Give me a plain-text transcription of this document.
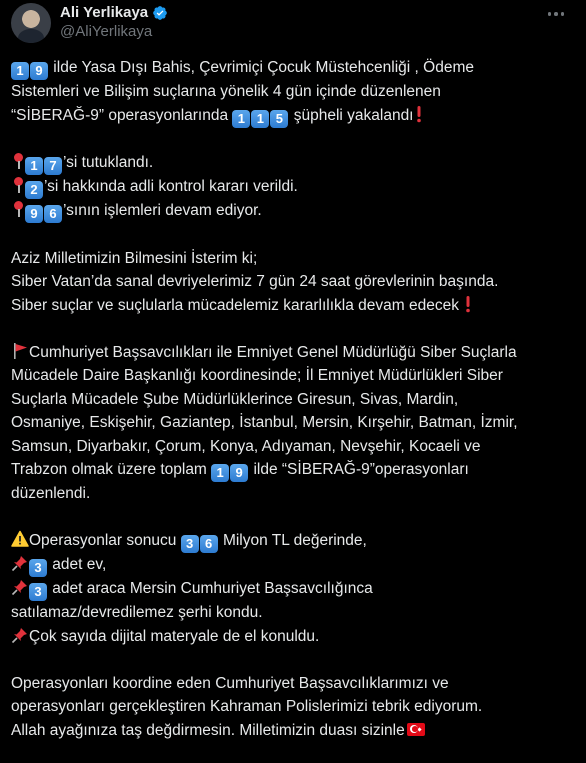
Ali Yerlikaya
@AliYerlikaya
1 9 ilde Yasa Dışı Bahis, Çevrimiçi Çocuk Müstehcenliği , Ödeme
Sistemleri ve Bilişim suçlarına yönelik 4 gün içinde düzenlenen
“SİBERAĞ-9” operasyonlarında 1 1 5 şüpheli yakalandı
1 7 ’si tutuklandı.
2 ’si hakkında adli kontrol kararı verildi.
9 6 ’sının işlemleri devam ediyor.
Aziz Milletimizin Bilmesini İsterim ki;
Siber Vatan’da sanal devriyelerimiz 7 gün 24 saat görevlerinin başında.
Siber suçlar ve suçlularla mücadelemiz kararlılıkla devam edecek
Cumhuriyet Başsavcılıkları ile Emniyet Genel Müdürlüğü Siber Suçlarla
Mücadele Daire Başkanlığı koordinesinde; İl Emniyet Müdürlükleri Siber
Suçlarla Mücadele Şube Müdürlüklerince Giresun, Sivas, Mardin,
Osmaniye, Eskişehir, Gaziantep, İstanbul, Mersin, Kırşehir, Batman, İzmir,
Samsun, Diyarbakır, Çorum, Konya, Adıyaman, Nevşehir, Kocaeli ve
Trabzon olmak üzere toplam 1 9 ilde “SİBERAĞ-9”operasyonları
düzenlendi.
Operasyonlar sonucu 3 6 Milyon TL değerinde,
3 adet ev,
3 adet araca Mersin Cumhuriyet Başsavcılığınca
satılamaz/devredilemez şerhi kondu.
Çok sayıda dijital materyale de el konuldu.
Operasyonları koordine eden Cumhuriyet Başsavcılıklarımızı ve
operasyonları gerçekleştiren Kahraman Polislerimizi tebrik ediyorum.
Allah ayağınıza taş değdirmesin. Milletimizin duası sizinle
